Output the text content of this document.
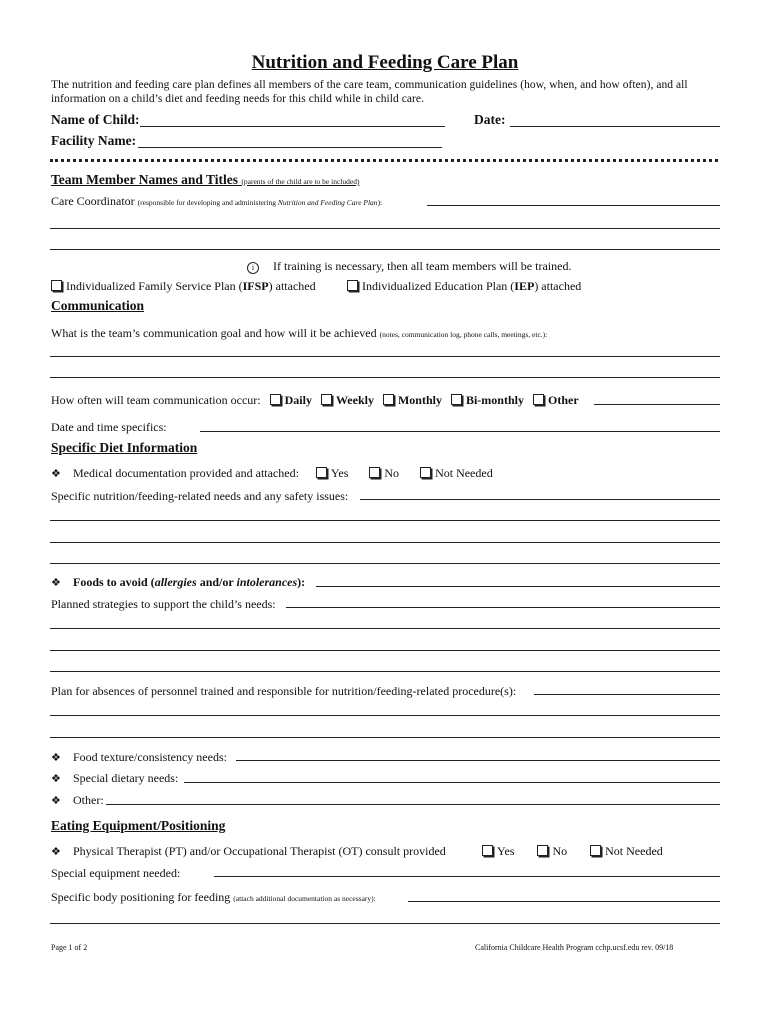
Nutrition and Feeding Care Plan
The nutrition and feeding care plan defines all members of the care team, communication guidelines (how, when, and how often), and all information on a child’s diet and feeding needs for this child while in child care.
Name of Child:	Date:
Facility Name:
Team Member Names and Titles (parents of the child are to be included)
Care Coordinator (responsible for developing and administering Nutrition and Feeding Care Plan):
i If training is necessary, then all team members will be trained.
Individualized Family Service Plan (IFSP) attached	Individualized Education Plan (IEP) attached
Communication
What is the team’s communication goal and how will it be achieved (notes, communication log, phone calls, meetings, etc.):
How often will team communication occur: Daily Weekly Monthly Bi-monthly Other
Date and time specifics:
Specific Diet Information
❖ Medical documentation provided and attached:	Yes	No	Not Needed
Specific nutrition/feeding-related needs and any safety issues:
❖ Foods to avoid (allergies and/or intolerances):
Planned strategies to support the child’s needs:
Plan for absences of personnel trained and responsible for nutrition/feeding-related procedure(s):
❖ Food texture/consistency needs:
❖ Special dietary needs:
❖ Other:
Eating Equipment/Positioning
❖ Physical Therapist (PT) and/or Occupational Therapist (OT) consult provided	Yes	No	Not Needed
Special equipment needed:
Specific body positioning for feeding (attach additional documentation as necessary):
Page 1 of 2	California Childcare Health Program cchp.ucsf.edu rev. 09/18
